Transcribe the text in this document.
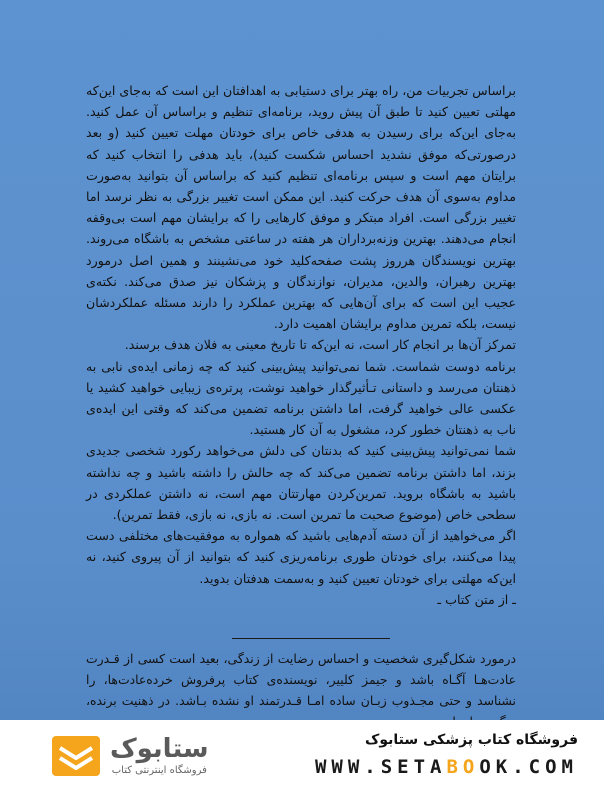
براساس تجربیات من، راه بهتر برای دستیابی به اهدافتان این است که به‌جای این‌که مهلتی تعیین کنید تا طبق آن پیش روید، برنامه‌ای تنظیم و براساس آن عمل کنید. به‌جای این‌که برای رسیدن به هدفی خاص برای خودتان مهلت تعیین کنید (و بعد درصورتی‌که موفق نشدید احساس شکست کنید)، باید هدفی را انتخاب کنید که برایتان مهم است و سپس برنامه‌ای تنظیم کنید که براساس آن بتوانید به‌صورت مداوم به‌سوی آن هدف حرکت کنید. این ممکن است تغییر بزرگی به نظر نرسد اما تغییر بزرگی است. افراد مبتکر و موفق کارهایی را که برایشان مهم است بی‌وقفه انجام می‌دهند. بهترین وزنه‌برداران هر هفته در ساعتی مشخص به باشگاه می‌روند. بهترین نویسندگان هرروز پشت صفحه‌کلید خود می‌نشینند و همین اصل درمورد بهترین رهبران، والدین، مدیران، نوازندگان و پزشکان نیز صدق می‌کند. نکته‌ی عجیب این است که برای آن‌هایی که بهترین عملکرد را دارند مسئله عملکردشان نیست، بلکه تمرین مداوم برایشان اهمیت دارد.

تمرکز آن‌ها بر انجام کار است، نه این‌که تا تاریخ معینی به فلان هدف برسند.

برنامه دوست شماست. شما نمی‌توانید پیش‌بینی کنید که چه زمانی ایده‌ی نابی به ذهنتان می‌رسد و داستانی تـأثیرگذار خواهید نوشت، پرتره‌ی زیبایی خواهید کشید یا عکسی عالی خواهید گرفت، اما داشتن برنامه تضمین می‌کند که وقتی این ایده‌ی ناب به ذهنتان خطور کرد، مشغول به آن کار هستید.

شما نمی‌توانید پیش‌بینی کنید که بدنتان کی دلش می‌خواهد رکورد شخصی جدیدی بزند، اما داشتن برنامه تضمین می‌کند که چه حالش را داشته باشید و چه نداشته باشید به باشگاه بروید. تمرین‌کردن مهارتتان مهم است، نه داشتن عملکردی در سطحی خاص (موضوع صحبت ما تمرین است. نه بازی، نه بازی، فقط تمرین).

اگر می‌خواهید از آن دسته آدم‌هایی باشید که همواره به موفقیت‌های مختلفی دست پیدا می‌کنند، برای خودتان طوری برنامه‌ریزی کنید که بتوانید از آن پیروی کنید، نه این‌که مهلتی برای خودتان تعیین کنید و به‌سمت هدفتان بدوید.

ـ از متن کتاب ـ

درمورد شکل‌گیری شخصیت و احساس رضایت از زندگی، بعید است کسی از قـدرت عادت‌هـا آگـاه باشد و جیمز کلییر، نویسنده‌ی کتاب پرفروش خرده‌عادت‌ها، را نشناسد و حتی مجـذوب زبـان ساده امـا قـدرتمند او نشده بـاشد. در ذهنیت برنده،
ستابوک
فروشگاه اینترنتی کتاب
فروشگاه کتاب پزشکی ستابوک
WWW.SETABOOK.COM
